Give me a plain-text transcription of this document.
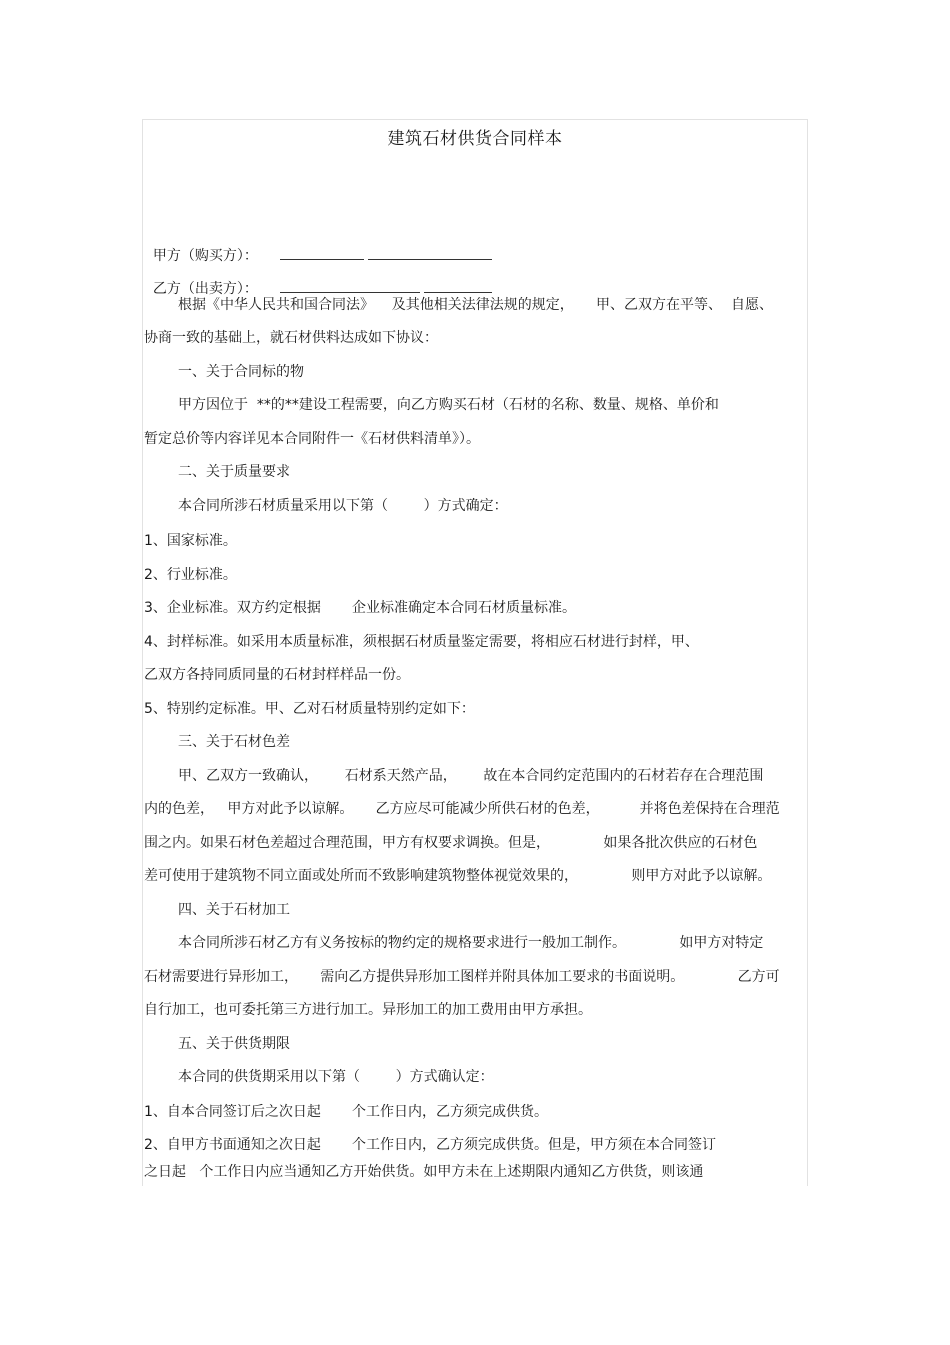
建筑石材供货合同样本

甲方（购买方）：

乙方（出卖方）：

根据《中华人民共和国合同法》    及其他相关法律法规的规定，     甲、乙双方在平等、  自愿、
协商一致的基础上，就石材供料达成如下协议：
一、关于合同标的物
甲方因位于  **的**建设工程需要，向乙方购买石材（石材的名称、数量、规格、单价和
暂定总价等内容详见本合同附件一《石材供料清单》）。
二、关于质量要求
本合同所涉石材质量采用以下第（        ）方式确定：
1、国家标准。
2、行业标准。
3、企业标准。双方约定根据       企业标准确定本合同石材质量标准。
4、封样标准。如采用本质量标准，须根据石材质量鉴定需要，将相应石材进行封样，甲、
乙双方各持同质同量的石材封样样品一份。
5、特别约定标准。甲、乙对石材质量特别约定如下：
三、关于石材色差
甲、乙双方一致确认，      石材系天然产品，      故在本合同约定范围内的石材若存在合理范围
内的色差，   甲方对此予以谅解。     乙方应尽可能减少所供石材的色差，         并将色差保持在合理范
围之内。如果石材色差超过合理范围，甲方有权要求调换。但是，            如果各批次供应的石材色
差可使用于建筑物不同立面或处所而不致影响建筑物整体视觉效果的，            则甲方对此予以谅解。
四、关于石材加工
本合同所涉石材乙方有义务按标的物约定的规格要求进行一般加工制作。            如甲方对特定
石材需要进行异形加工，     需向乙方提供异形加工图样并附具体加工要求的书面说明。            乙方可
自行加工，也可委托第三方进行加工。异形加工的加工费用由甲方承担。
五、关于供货期限
本合同的供货期采用以下第（        ）方式确认定：
1、自本合同签订后之次日起       个工作日内，乙方须完成供货。
2、自甲方书面通知之次日起       个工作日内，乙方须完成供货。但是，甲方须在本合同签订
之日起   个工作日内应当通知乙方开始供货。如甲方未在上述期限内通知乙方供货，则该通
